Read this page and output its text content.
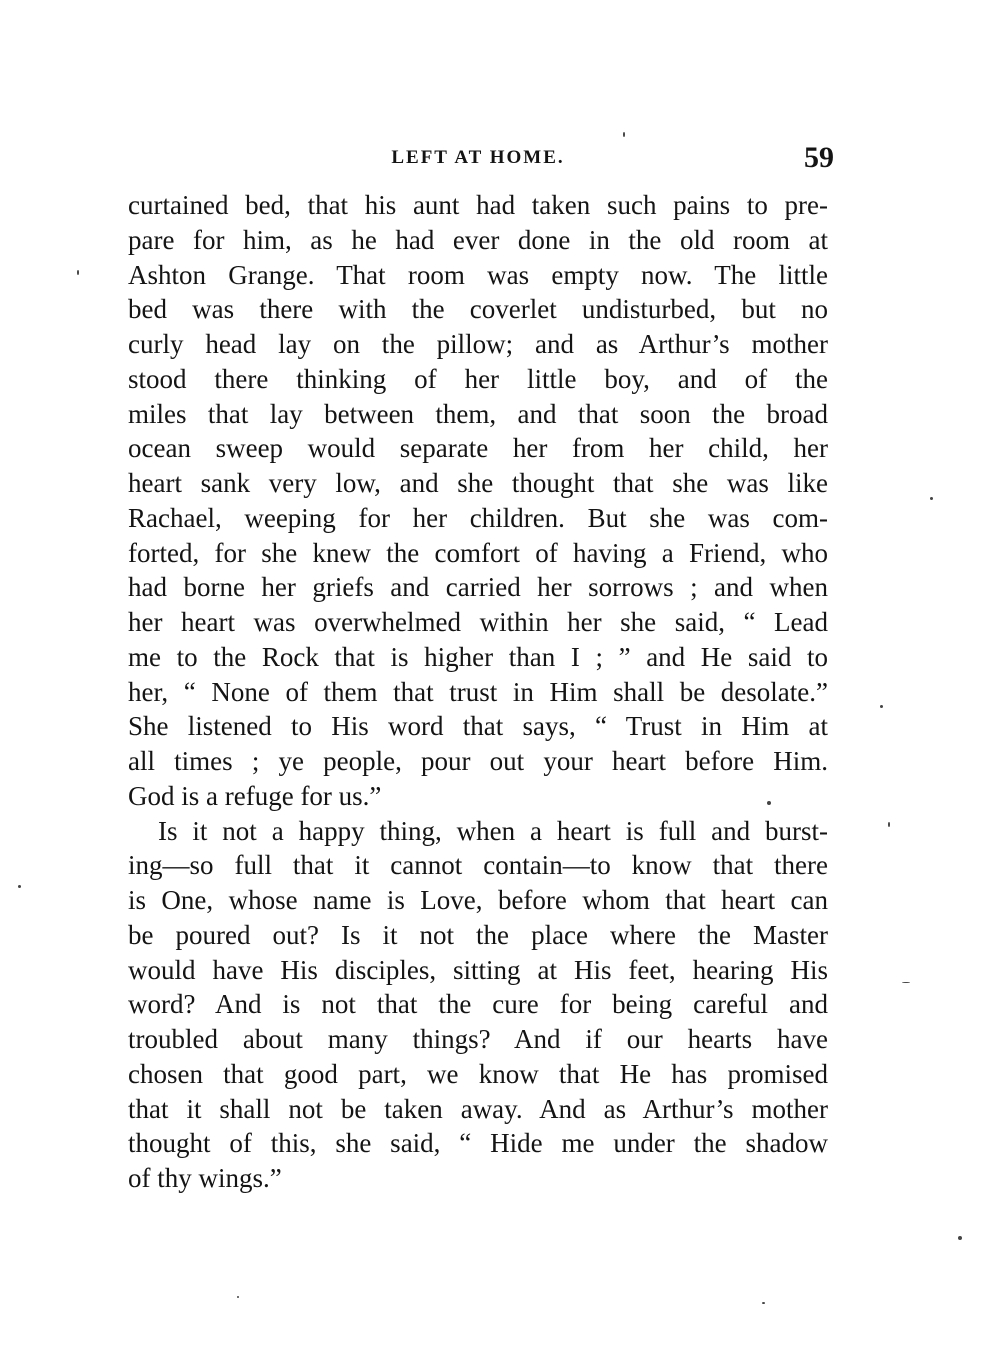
LEFT AT HOME.	59
curtained bed, that his aunt had taken such pains to pre-
pare for him, as he had ever done in the old room at
Ashton Grange. That room was empty now. The little
bed was there with the coverlet undisturbed, but no
curly head lay on the pillow; and as Arthur’s mother
stood there thinking of her little boy, and of the
miles that lay between them, and that soon the broad
ocean sweep would separate her from her child, her
heart sank very low, and she thought that she was like
Rachael, weeping for her children. But she was com-
forted, for she knew the comfort of having a Friend, who
had borne her griefs and carried her sorrows ; and when
her heart was overwhelmed within her she said, “ Lead
me to the Rock that is higher than I ; ” and He said to
her, “ None of them that trust in Him shall be desolate.”
She listened to His word that says, “ Trust in Him at
all times ; ye people, pour out your heart before Him.
God is a refuge for us.”
Is it not a happy thing, when a heart is full and burst-
ing—so full that it cannot contain—to know that there
is One, whose name is Love, before whom that heart can
be poured out? Is it not the place where the Master
would have His disciples, sitting at His feet, hearing His
word? And is not that the cure for being careful and
troubled about many things? And if our hearts have
chosen that good part, we know that He has promised
that it shall not be taken away. And as Arthur’s mother
thought of this, she said, “ Hide me under the shadow
of thy wings.”
